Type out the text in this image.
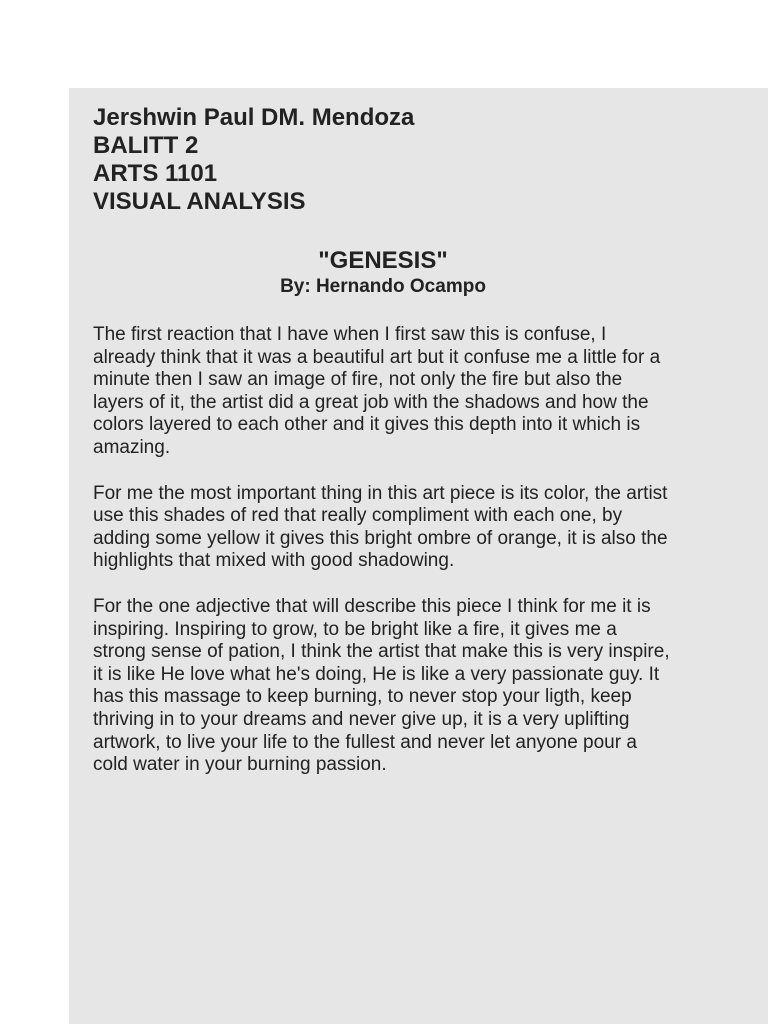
Jershwin Paul DM. Mendoza

BALITT 2

ARTS 1101

VISUAL ANALYSIS

"GENESIS"

By: Hernando Ocampo

The first reaction that I have when I first saw this is confuse, I already think that it was a beautiful art but it confuse me a little for a minute then I saw an image of fire, not only the fire but also the layers of it, the artist did a great job with the shadows and how the colors layered to each other and it gives this depth into it which is amazing.

For me the most important thing in this art piece is its color, the artist use this shades of red that really compliment with each one, by adding some yellow it gives this bright ombre of orange, it is also the highlights that mixed with good shadowing.

For the one adjective that will describe this piece I think for me it is inspiring. Inspiring to grow, to be bright like a fire, it gives me a strong sense of pation, I think the artist that make this is very inspire, it is like He love what he's doing, He is like a very passionate guy. It has this massage to keep burning, to never stop your ligth, keep thriving in to your dreams and never give up, it is a very uplifting artwork, to live your life to the fullest and never let anyone pour a cold water in your burning passion.
